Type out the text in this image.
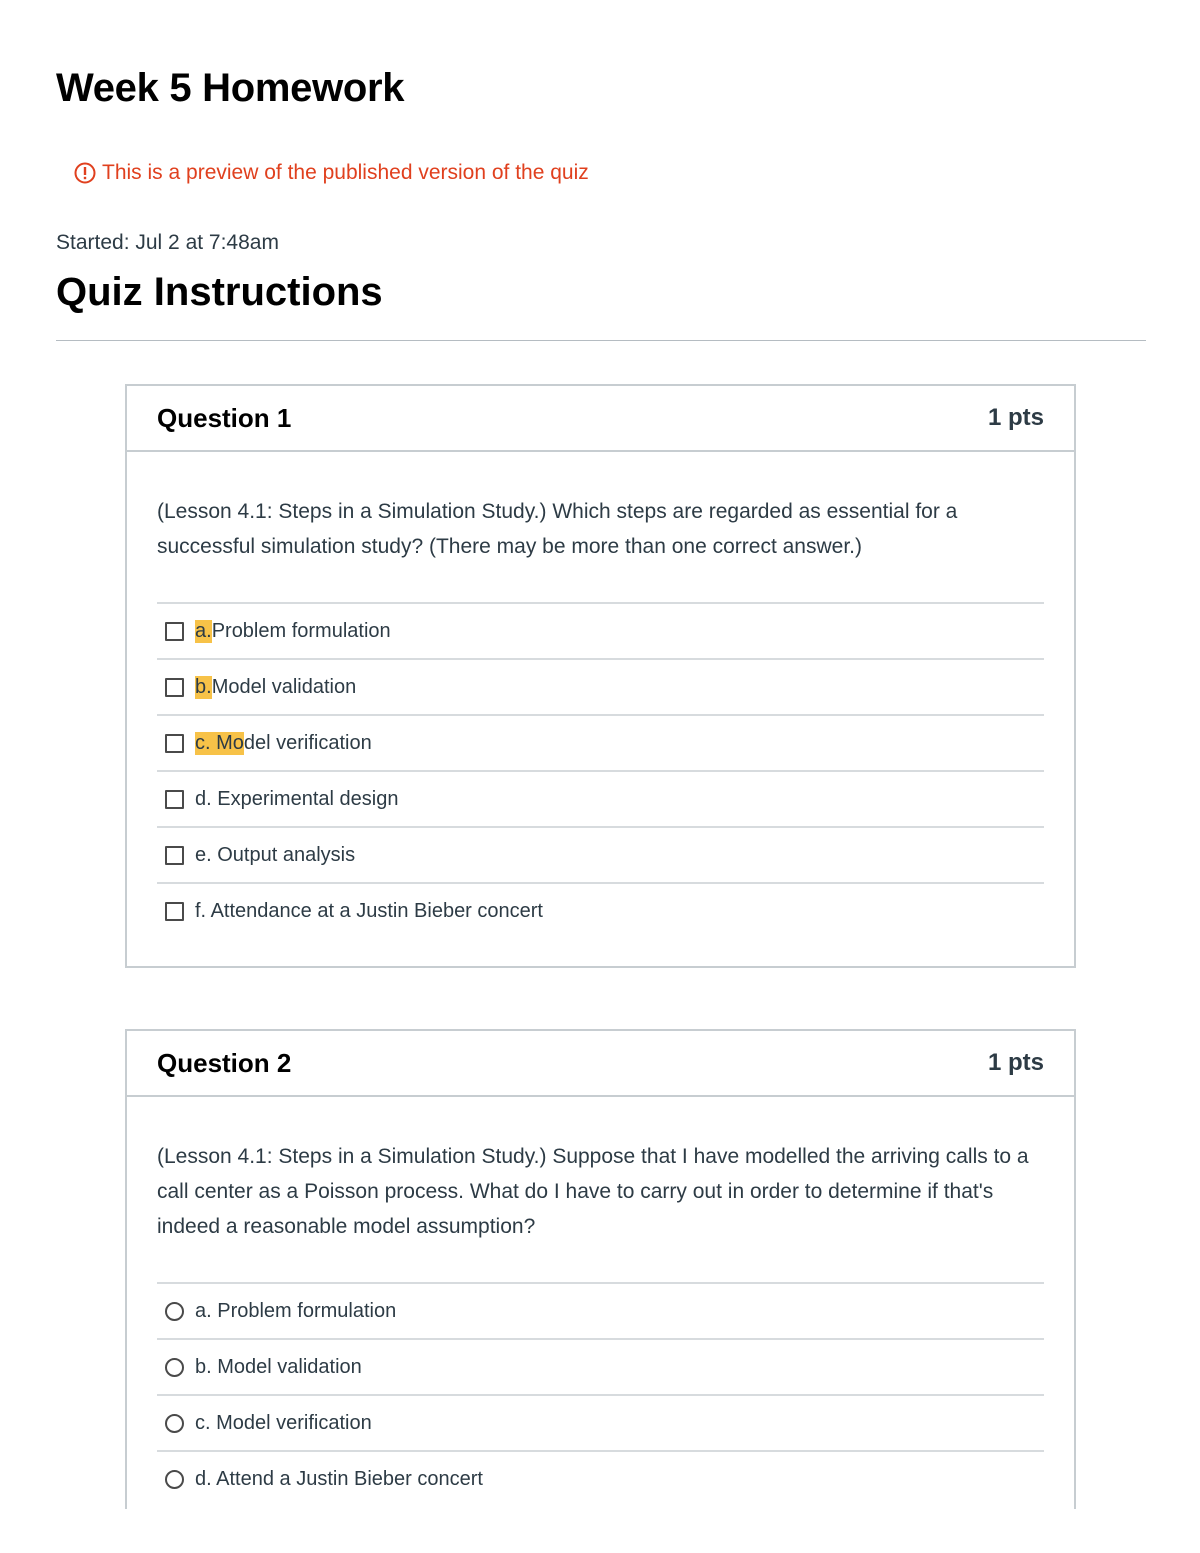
Week 5 Homework
This is a preview of the published version of the quiz
Started: Jul 2 at 7:48am
Quiz Instructions
Question 1	1 pts

(Lesson 4.1: Steps in a Simulation Study.) Which steps are regarded as essential for a successful simulation study? (There may be more than one correct answer.)

a. Problem formulation
b. Model validation
c. Mo del verification
d. Experimental design
e. Output analysis
f. Attendance at a Justin Bieber concert
Question 2	1 pts

(Lesson 4.1: Steps in a Simulation Study.) Suppose that I have modelled the arriving calls to a call center as a Poisson process. What do I have to carry out in order to determine if that's indeed a reasonable model assumption?

a. Problem formulation
b. Model validation
c. Model verification
d. Attend a Justin Bieber concert
